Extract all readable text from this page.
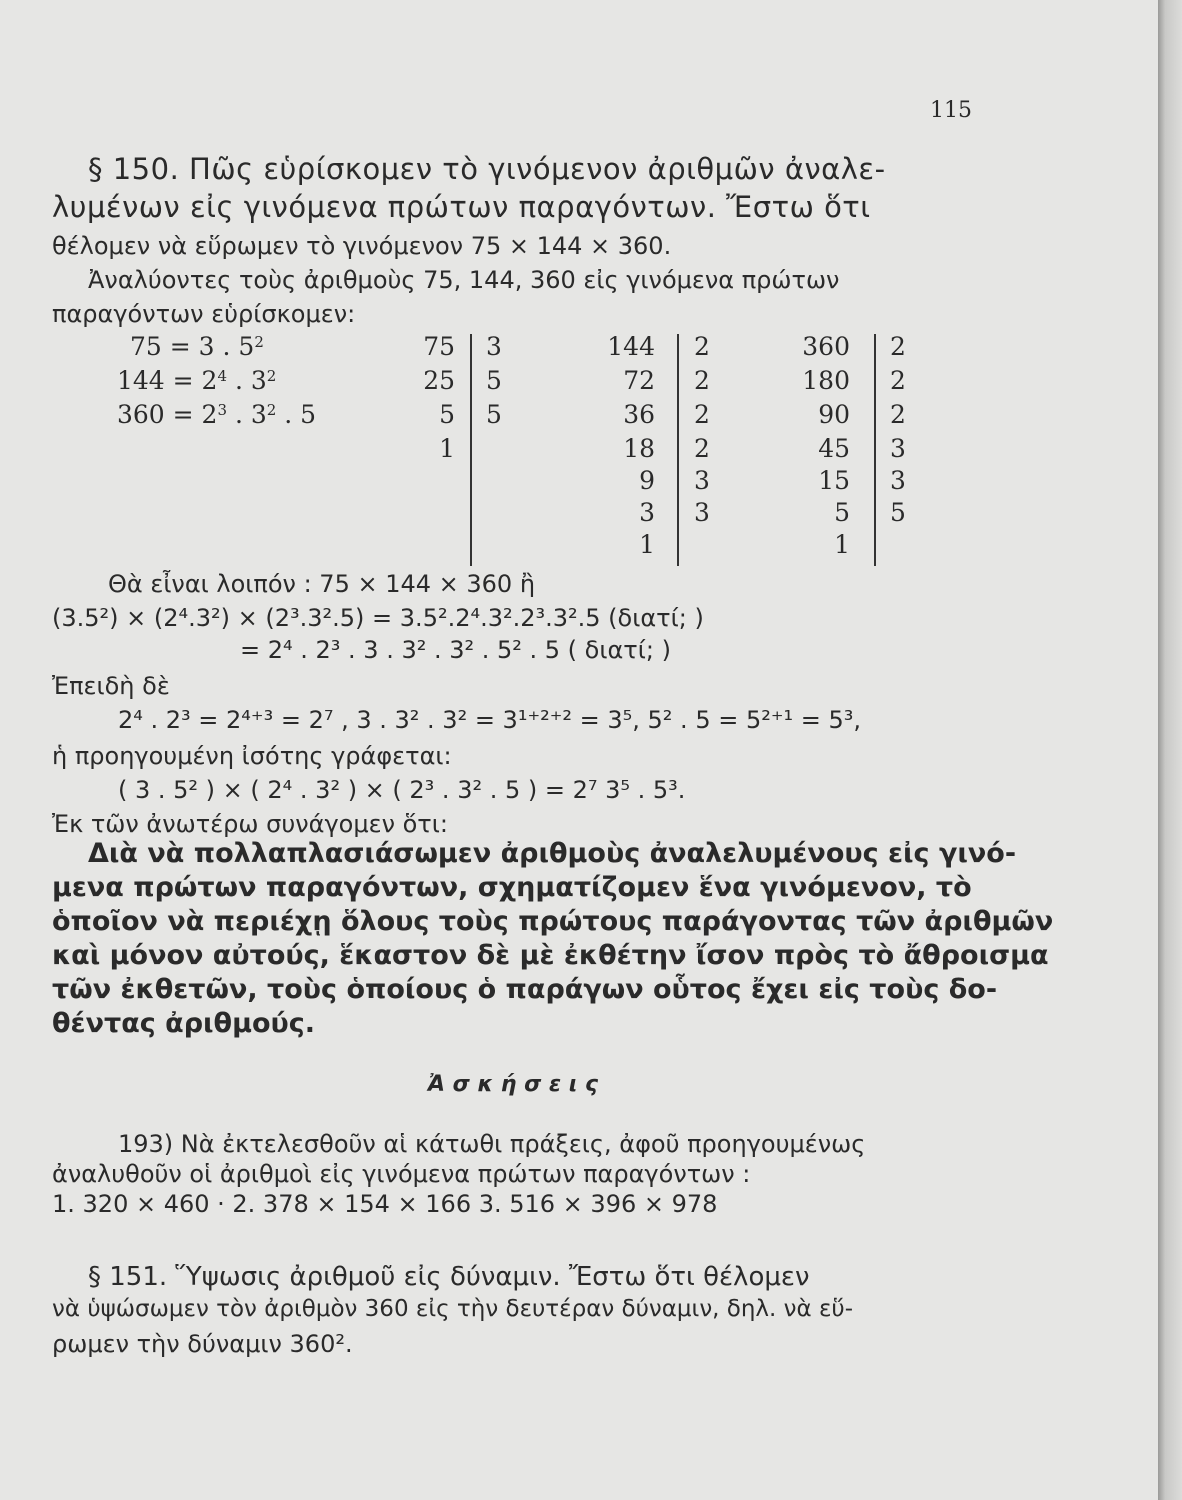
115
§ 150. Πῶς εὑρίσκομεν τὸ γινόμενον ἀριθμῶν ἀναλε-
λυμένων εἰς γινόμενα πρώτων παραγόντων. Ἔστω ὅτι
θέλομεν νὰ εὕρωμεν τὸ γινόμενον 75 × 144 × 360.
Ἀναλύοντες τοὺς ἀριθμοὺς 75, 144, 360 εἰς γινόμενα πρώτων
παραγόντων εὑρίσκομεν:
75 = 3 . $5^2$
$144 = 2^4$ . $3^2$
$360 = 2^3$ . $3^2$ . 5
75
25
5
1
3
5
5
144
72
36
18
9
3
1
2
2
2
2
3
3
360
180
90
45
15
5
1
2
2
2
3
3
5
Θὰ εἶναι λοιπόν : 75 × 144 × 360 ἢ
(3.5²) × (2⁴.3²) × (2³.3².5) = 3.5².2⁴.3².2³.3².5 (διατί; )
= 2⁴ . 2³ . 3 . 3² . 3² . 5² . 5 ( διατί; )
Ἐπειδὴ δὲ
2⁴ . 2³ = 2⁴⁺³ = 2⁷ , 3 . 3² . 3² = 3¹⁺²⁺² = 3⁵, 5² . 5 = 5²⁺¹ = 5³,
ἡ προηγουμένη ἰσότης γράφεται:
( 3 . 5² ) × ( 2⁴ . 3² ) × ( 2³ . 3² . 5 ) = 2⁷ 3⁵ . 5³.
Ἐκ τῶν ἀνωτέρω συνάγομεν ὅτι:
Διὰ νὰ πολλαπλασιάσωμεν ἀριθμοὺς ἀναλελυμένους εἰς γινό-
μενα πρώτων παραγόντων, σχηματίζομεν ἕνα γινόμενον, τὸ
ὁποῖον νὰ περιέχῃ ὅλους τοὺς πρώτους παράγοντας τῶν ἀριθμῶν
καὶ μόνον αὐτούς, ἕκαστον δὲ μὲ ἐκθέτην ἴσον πρὸς τὸ ἄθροισμα
τῶν ἐκθετῶν, τοὺς ὁποίους ὁ παράγων οὗτος ἔχει εἰς τοὺς δο-
θέντας ἀριθμούς.
Ἀ σ κ ή σ ε ι ς
193) Νὰ ἐκτελεσθοῦν αἱ κάτωθι πράξεις, ἀφοῦ προηγουμένως
ἀναλυθοῦν οἱ ἀριθμοὶ εἰς γινόμενα πρώτων παραγόντων :
1. 320 × 460 · 2. 378 × 154 × 166 3. 516 × 396 × 978
§ 151. Ὕψωσις ἀριθμοῦ εἰς δύναμιν. Ἔστω ὅτι θέλομεν
νὰ ὑψώσωμεν τὸν ἀριθμὸν 360 εἰς τὴν δευτέραν δύναμιν, δηλ. νὰ εὕ-
ρωμεν τὴν δύναμιν 360².
